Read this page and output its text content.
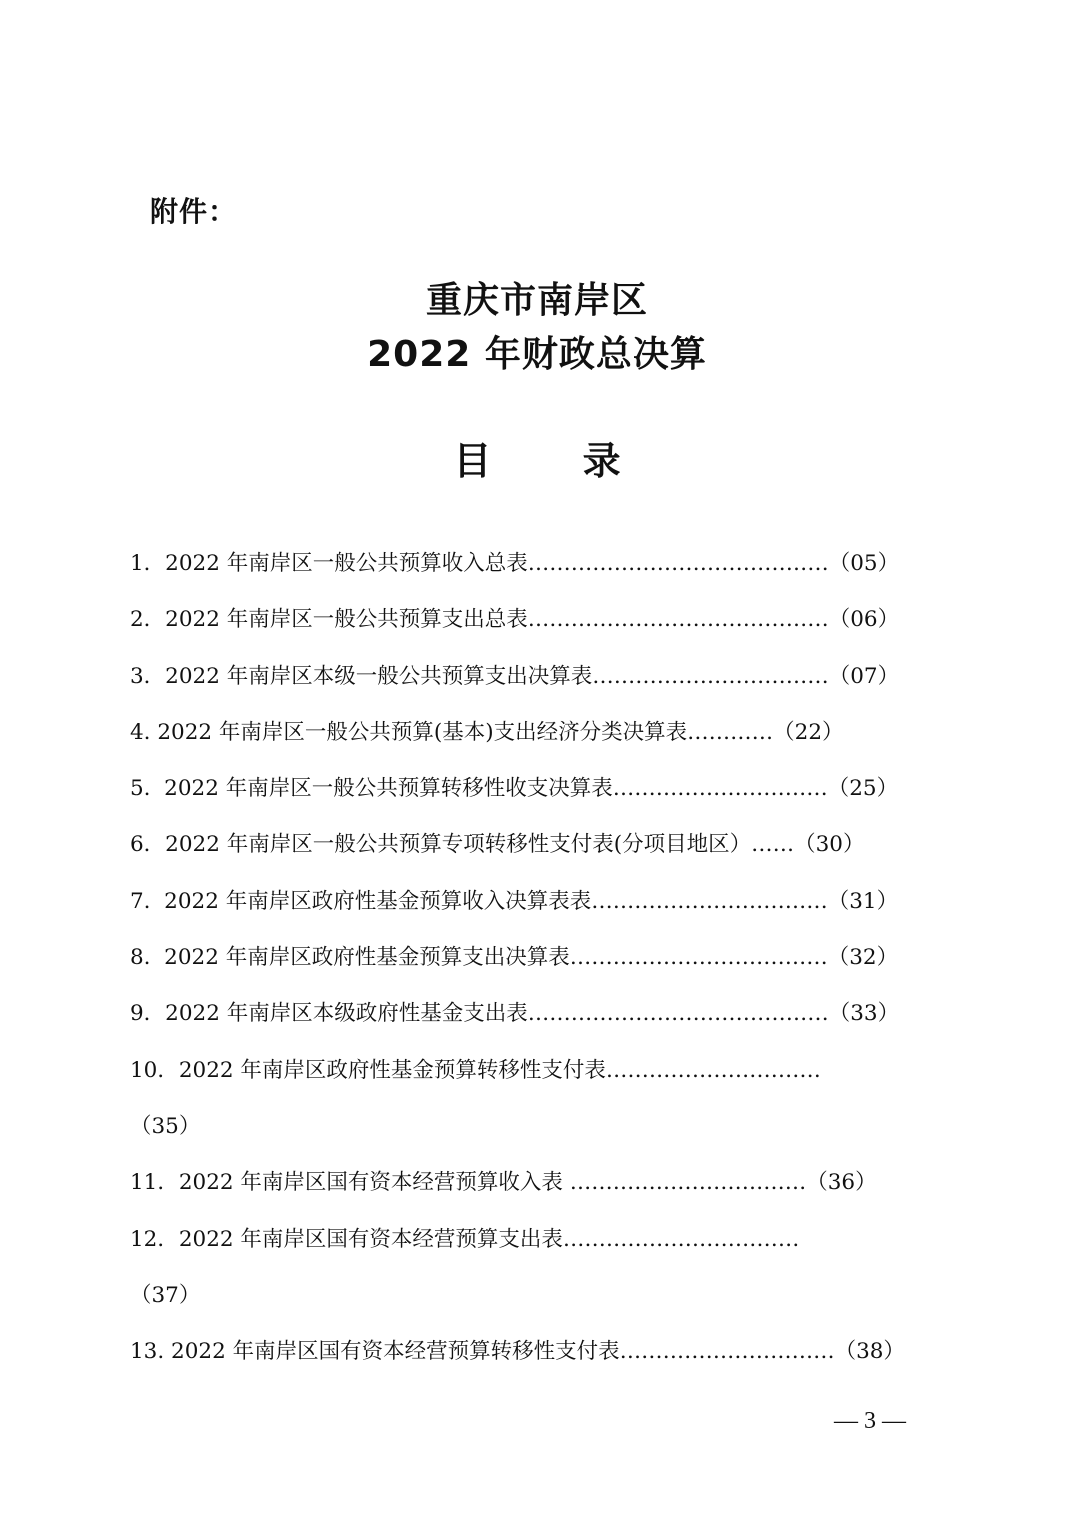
附件：
重庆市南岸区
2022 年财政总决算
目 录
1．2022 年南岸区一般公共预算收入总表……………………………………（05）
2．2022 年南岸区一般公共预算支出总表……………………………………（06）
3．2022 年南岸区本级一般公共预算支出决算表……………………………（07）
4. 2022 年南岸区一般公共预算(基本)支出经济分类决算表…………（22）
5.  2022 年南岸区一般公共预算转移性收支决算表…………………………（25）
6．2022 年南岸区一般公共预算专项转移性支付表(分项目地区）……（30）
7.  2022 年南岸区政府性基金预算收入决算表表……………………………（31）
8.  2022 年南岸区政府性基金预算支出决算表………………………………（32）
9．2022 年南岸区本级政府性基金支出表……………………………………（33）
10．2022 年南岸区政府性基金预算转移性支付表…………………………
（35）
11．2022 年南岸区国有资本经营预算收入表 ……………………………（36）
12．2022 年南岸区国有资本经营预算支出表……………………………
（37）
13. 2022 年南岸区国有资本经营预算转移性支付表…………………………（38）
— 3 —
